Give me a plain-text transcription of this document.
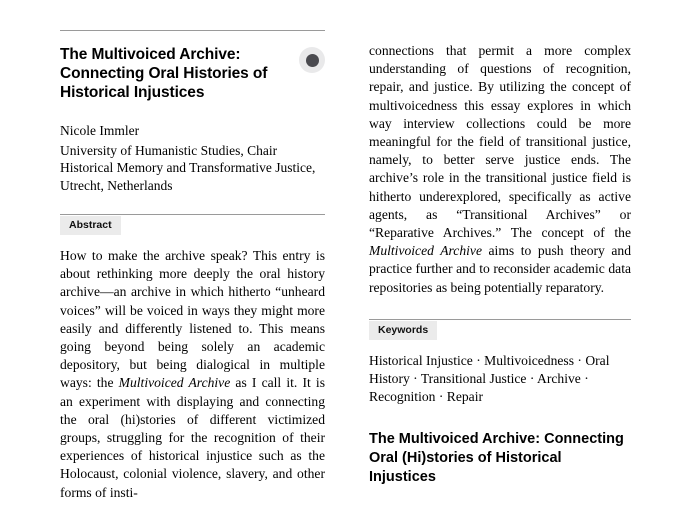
The Multivoiced Archive: Connecting Oral Histories of Historical Injustices
Nicole Immler
University of Humanistic Studies, Chair Historical Memory and Transformative Justice, Utrecht, Netherlands
Abstract

How to make the archive speak? This entry is about rethinking more deeply the oral history archive—an archive in which hitherto “unheard voices” will be voiced in ways they might more easily and differently listened to. This means going beyond being solely an academic depository, but being dialogical in multiple ways: the Multivoiced Archive as I call it. It is an experiment with displaying and connecting the oral (hi)stories of different victimized groups, struggling for the recognition of their experiences of historical injustice such as the Holocaust, colonial violence, slavery, and other forms of insti-

connections that permit a more complex understanding of questions of recognition, repair, and justice. By utilizing the concept of multivoicedness this essay explores in which way interview collections could be more meaningful for the field of transitional justice, namely, to better serve justice ends. The archive’s role in the transitional justice field is hitherto underexplored, specifically as active agents, as “Transitional Archives” or “Reparative Archives.” The concept of the Multivoiced Archive aims to push theory and practice further and to reconsider academic data repositories as being potentially reparatory.

Keywords

Historical Injustice · Multivoicedness · Oral History · Transitional Justice · Archive · Recognition · Repair

The Multivoiced Archive: Connecting Oral (Hi)stories of Historical Injustices
